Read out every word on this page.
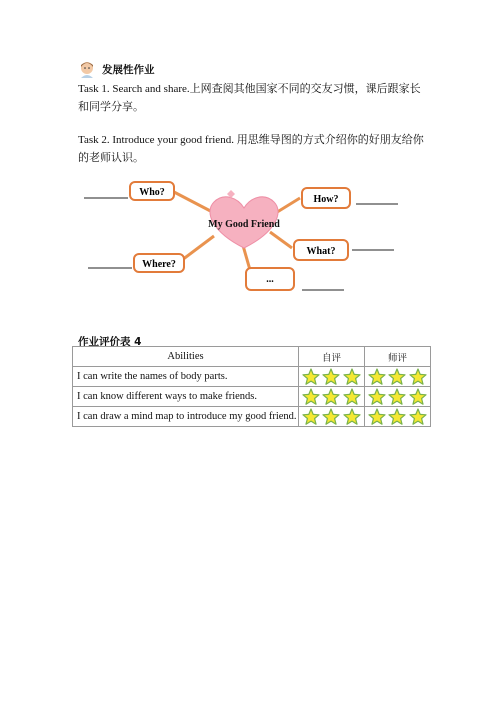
发展性作业
Task 1. Search and share.上网查阅其他国家不同的交友习惯，课后跟家长和同学分享。
Task 2. Introduce your good friend. 用思维导图的方式介绍你的好朋友给你的老师认识。
My Good Friend
Who?
How?
What?
Where?
...
作业评价表 4
Abilities	自评	师评
I can write the names of body parts.	

I can know different ways to make friends.	

I can draw a mind map to introduce my good friend.	
